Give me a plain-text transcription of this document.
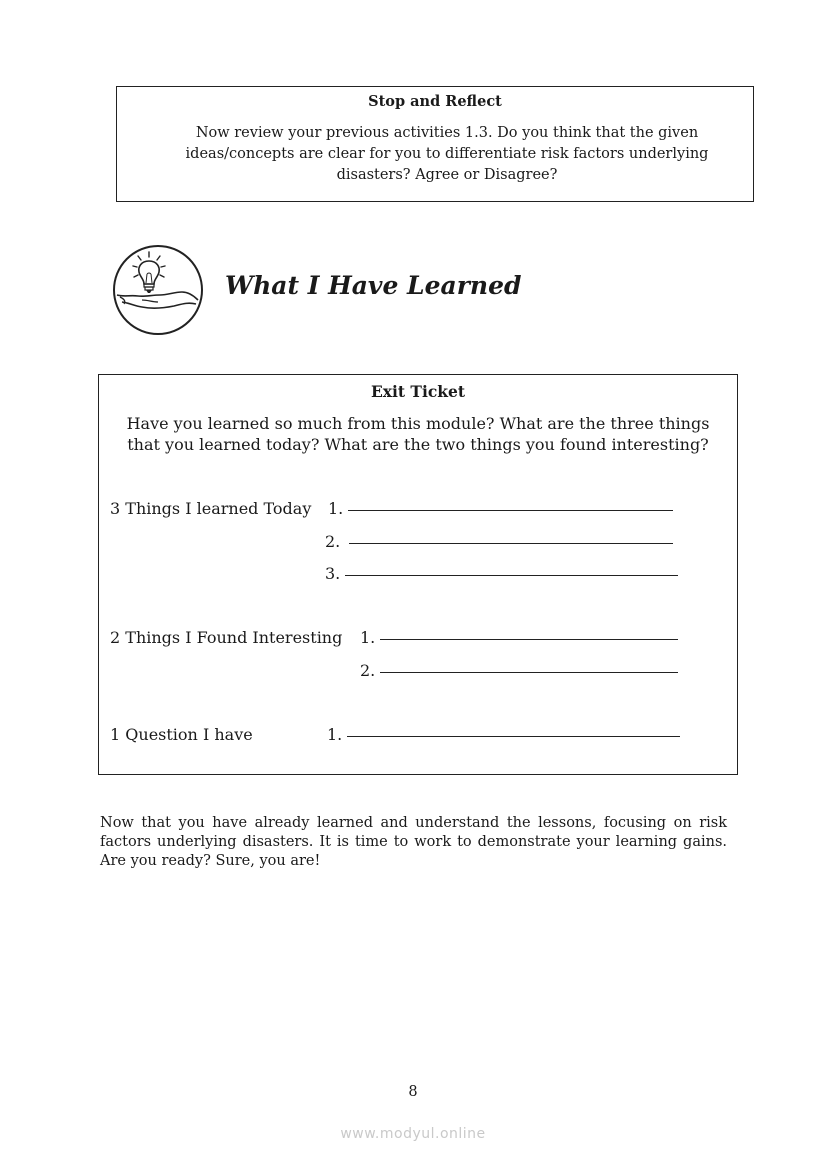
Stop and Reflect
Now review your previous activities 1.3. Do you think that the given ideas/concepts are clear for you to differentiate risk factors underlying disasters? Agree or Disagree?
What I Have Learned
Exit Ticket
Have you learned so much from this module? What are the three things that you learned today? What are the two things you found interesting?
3 Things I learned Today 1.
2.
3.
2 Things I Found Interesting 1.
2.
1 Question I have	1.
Now that you have already learned and understand the lessons, focusing on risk factors underlying disasters. It is time to work to demonstrate your learning gains. Are you ready? Sure, you are!
8
www.modyul.online
